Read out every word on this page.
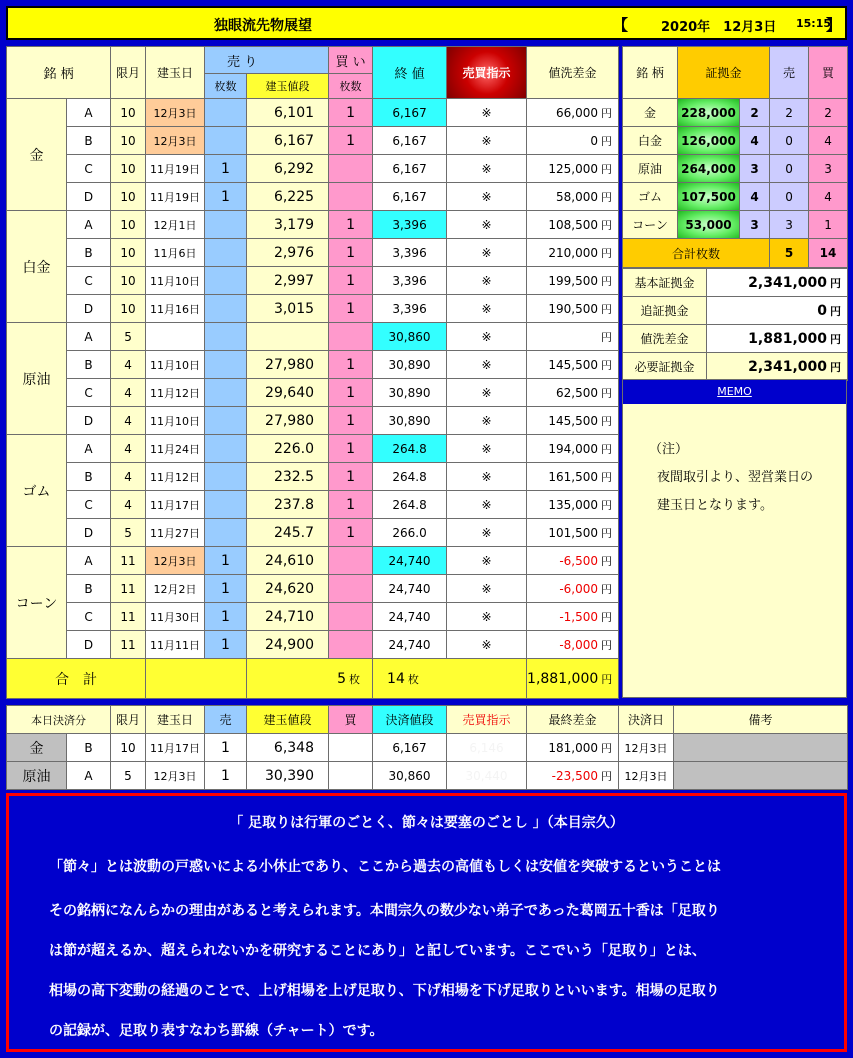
独眼流先物展望	【	2020年　12月3日 15:15
】
銘 柄		限月	建玉日	売 り		買 い	終 値	売買指示	値洗差金
				枚数	建玉値段	枚数			
金	A	10	12月3日		6,101	1	6,167	※	66,000 円
	B	10	12月3日		6,167	1	6,167	※	0 円
	C	10	11月19日	1	6,292		6,167	※	125,000 円
	D	10	11月19日	1	6,225		6,167	※	58,000 円
白金	A	10	12月1日		3,179	1	3,396	※	108,500 円
	B	10	11月6日		2,976	1	3,396	※	210,000 円
	C	10	11月10日		2,997	1	3,396	※	199,500 円
	D	10	11月16日		3,015	1	3,396	※	190,500 円
原油	A	5					30,860	※	円
	B	4	11月10日		27,980	1	30,890	※	145,500 円
	C	4	11月12日		29,640	1	30,890	※	62,500 円
	D	4	11月10日		27,980	1	30,890	※	145,500 円
ゴム	A	4	11月24日		226.0	1	264.8	※	194,000 円
	B	4	11月12日		232.5	1	264.8	※	161,500 円
	C	4	11月17日		237.8	1	264.8	※	135,000 円
	D	5	11月27日		245.7	1	266.0	※	101,500 円
コーン	A	11	12月3日	1	24,610		24,740	※	-6,500 円
	B	11	12月2日	1	24,620		24,740	※	-6,000 円
	C	11	11月30日	1	24,710		24,740	※	-1,500 円
	D	11	11月11日	1	24,900		24,740	※	-8,000 円
合　計					5 枚		14 枚		1,881,000 円
銘 柄	証拠金		売	買
金	228,000	2	2	2
白金	126,000	4	0	4
原油	264,000	3	0	3
ゴム	107,500	4	0	4
コーン	53,000	3	3	1
合計枚数			5	14
基本証拠金	2,341,000 円
追証拠金	0 円
値洗差金	1,881,000 円
必要証拠金	2,341,000 円
MEMO
（注）
夜間取引より、翌営業日の
建玉日となります。
本日決済分		限月	建玉日	売	建玉値段	買	決済値段	売買指示	最終差金	決済日	備考
金	B	10	11月17日	1	6,348		6,167	6,146	181,000 円	12月3日	
原油	A	5	12月3日	1	30,390		30,860	30,440	-23,500 円	12月3日	
「 足取りは行軍のごとく、節々は要塞のごとし 」（本目宗久）
「節々」とは波動の戸惑いによる小休止であり、ここから過去の高値もしくは安値を突破するということは
その銘柄になんらかの理由があると考えられます。本間宗久の数少ない弟子であった葛岡五十香は「足取り
は節が超えるか、超えられないかを研究することにあり」と記しています。ここでいう「足取り」とは、
相場の高下変動の経過のことで、上げ相場を上げ足取り、下げ相場を下げ足取りといいます。相場の足取り
の記録が、足取り表すなわち罫線（チャート）です。
